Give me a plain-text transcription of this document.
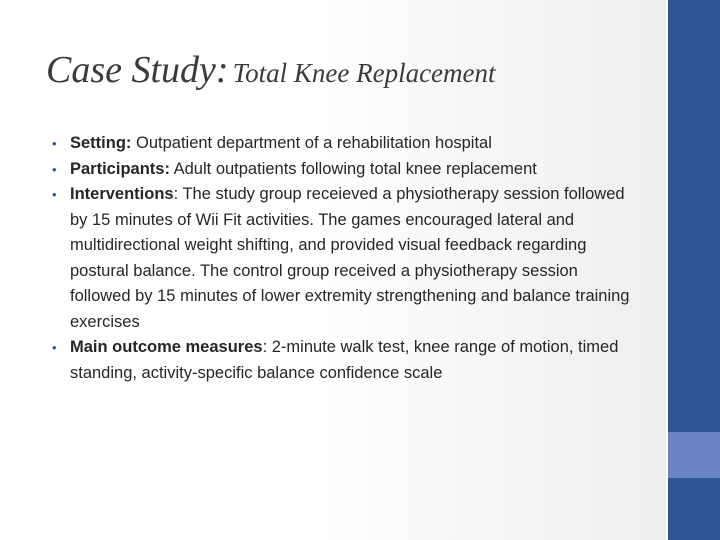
Case Study: Total Knee Replacement
• Setting: Outpatient department of a rehabilitation hospital
• Participants: Adult outpatients following total knee replacement
• Interventions: The study group receieved a physiotherapy session followed by 15 minutes of Wii Fit activities. The games encouraged lateral and multidirectional weight shifting, and provided visual feedback regarding postural balance. The control group received a physiotherapy session followed by 15 minutes of lower extremity strengthening and balance training exercises
• Main outcome measures: 2-minute walk test, knee range of motion, timed standing, activity-specific balance confidence scale
